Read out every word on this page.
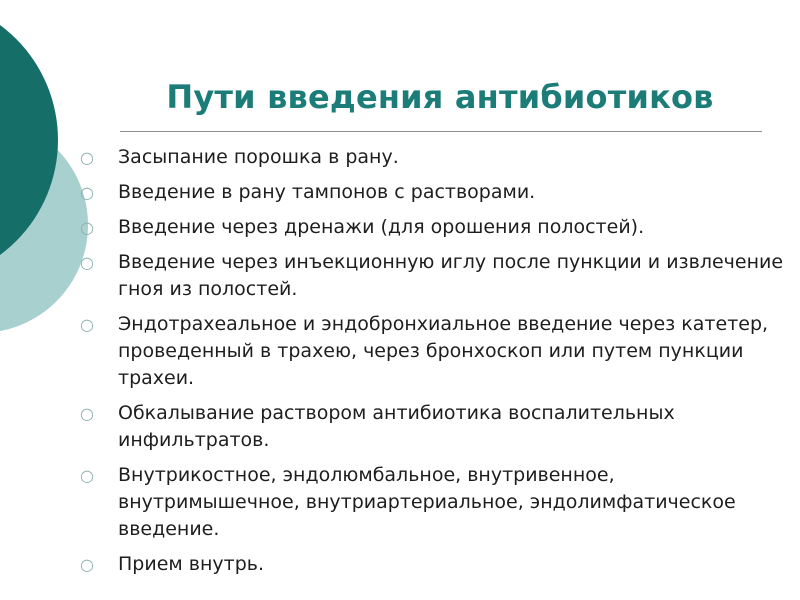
Пути введения антибиотиков
○ Засыпание порошка в рану.
○ Введение в рану тампонов с растворами.
○ Введение через дренажи (для орошения полостей).
○ Введение через инъекционную иглу после пункции и извлечение гноя из полостей.
○ Эндотрахеальное и эндобронхиальное введение через катетер, проведенный в трахею, через бронхоскоп или путем пункции трахеи.
○ Обкалывание раствором антибиотика воспалительных инфильтратов.
○ Внутрикостное, эндолюмбальное, внутривенное, внутримышечное, внутриартериальное, эндолимфатическое введение.
○ Прием внутрь.
